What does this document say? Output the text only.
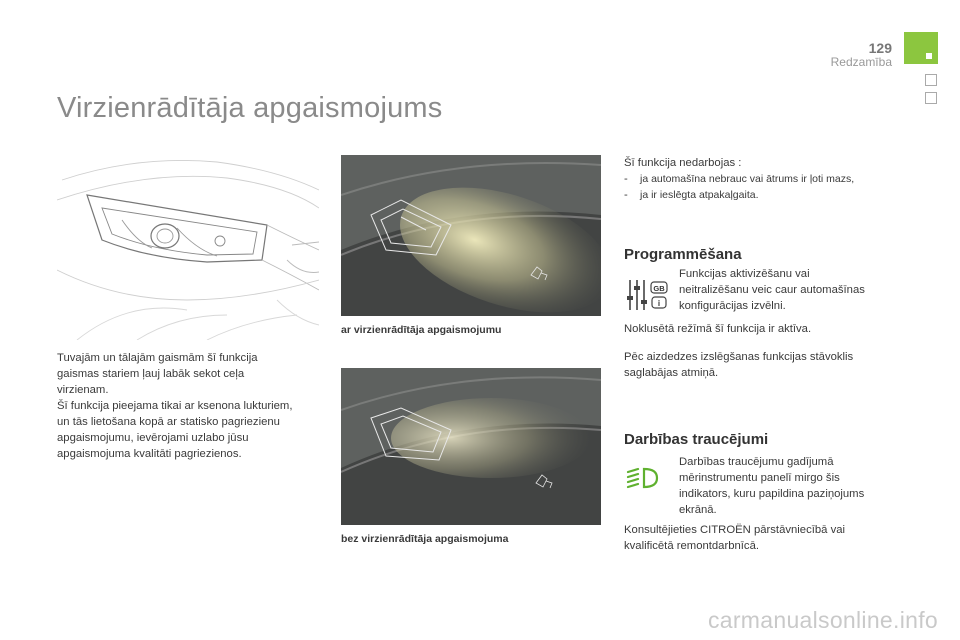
129
Redzamība
Virzienrādītāja apgaismojums
Tuvajām un tālajām gaismām šī funkcija
gaismas stariem ļauj labāk sekot ceļa
virzienam.
Šī funkcija pieejama tikai ar ksenona lukturiem,
un tās lietošana kopā ar statisko pagriezienu
apgaismojumu, ievērojami uzlabo jūsu
apgaismojuma kvalitāti pagriezienos.
ar virzienrādītāja apgaismojumu
bez virzienrādītāja apgaismojuma
Šī funkcija nedarbojas :
-	ja automašīna nebrauc vai ātrums ir ļoti mazs,
-	ja ir ieslēgta atpakaļgaita.
Programmēšana
GB
i
Funkcijas aktivizēšanu vai
neitralizēšanu veic caur automašīnas
konfigurācijas izvēlni.
Noklusētā režīmā šī funkcija ir aktīva.
Pēc aizdedzes izslēgšanas funkcijas stāvoklis
saglabājas atmiņā.
Darbības traucējumi
Darbības traucējumu gadījumā
mērinstrumentu panelī mirgo šis
indikators, kuru papildina paziņojums
ekrānā.
Konsultējieties CITROËN pārstāvniecībā vai
kvalificētā remontdarbnīcā.
carmanualsonline.info
